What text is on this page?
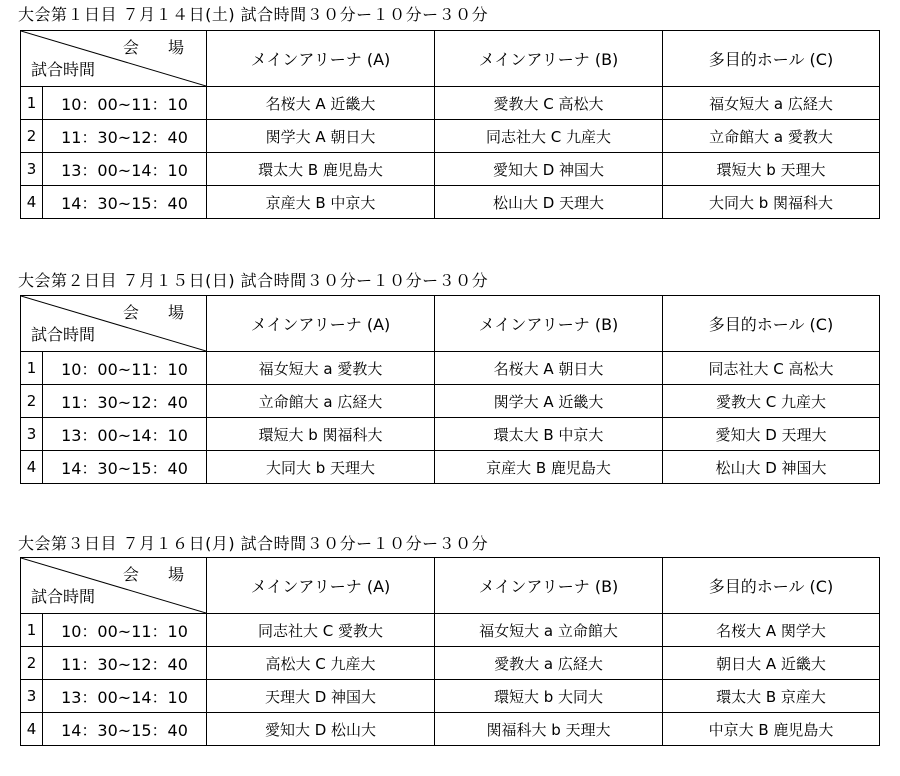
大会第１日目 ７月１４日(土) 試合時間３０分ー１０分ー３０分
会 場
試合時間		メインアリーナ (A)	メインアリーナ (B)	多目的ホール (C)
1	10：00~11：10	名桜大 A 近畿大	愛教大 C 高松大	福女短大 a 広経大
2	11：30~12：40	関学大 A 朝日大	同志社大 C 九産大	立命館大 a 愛教大
3	13：00~14：10	環太大 B 鹿児島大	愛知大 D 神国大	環短大 b 天理大
4	14：30~15：40	京産大 B 中京大	松山大 D 天理大	大同大 b 関福科大
大会第２日目 ７月１５日(日) 試合時間３０分ー１０分ー３０分
会 場
試合時間		メインアリーナ (A)	メインアリーナ (B)	多目的ホール (C)
1	10：00~11：10	福女短大 a 愛教大	名桜大 A 朝日大	同志社大 C 高松大
2	11：30~12：40	立命館大 a 広経大	関学大 A 近畿大	愛教大 C 九産大
3	13：00~14：10	環短大 b 関福科大	環太大 B 中京大	愛知大 D 天理大
4	14：30~15：40	大同大 b 天理大	京産大 B 鹿児島大	松山大 D 神国大
大会第３日目 ７月１６日(月) 試合時間３０分ー１０分ー３０分
会 場
試合時間		メインアリーナ (A)	メインアリーナ (B)	多目的ホール (C)
1	10：00~11：10	同志社大 C 愛教大	福女短大 a 立命館大	名桜大 A 関学大
2	11：30~12：40	高松大 C 九産大	愛教大 a 広経大	朝日大 A 近畿大
3	13：00~14：10	天理大 D 神国大	環短大 b 大同大	環太大 B 京産大
4	14：30~15：40	愛知大 D 松山大	関福科大 b 天理大	中京大 B 鹿児島大
